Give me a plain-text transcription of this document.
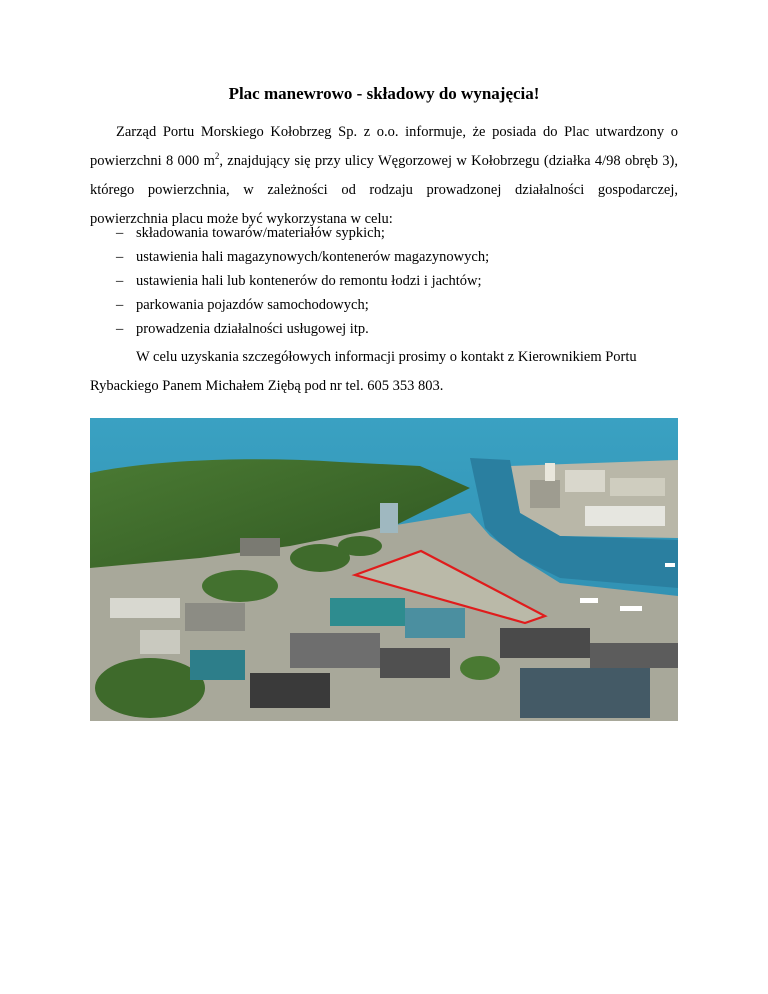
Plac manewrowo - składowy do wynajęcia!

Zarząd Portu Morskiego Kołobrzeg Sp. z o.o. informuje, że posiada do Plac utwardzony o powierzchni 8 000 $m^2$, znajdujący się przy ulicy Węgorzowej w Kołobrzegu (działka 4/98 obręb 3), którego powierzchnia, w zależności od rodzaju prowadzonej działalności gospodarczej, powierzchnia placu może być wykorzystana w celu:

– składowania towarów/materiałów sypkich;
– ustawienia hali magazynowych/kontenerów magazynowych;
– ustawienia hali lub kontenerów do remontu łodzi i jachtów;
– parkowania pojazdów samochodowych;
– prowadzenia działalności usługowej itp.

W celu uzyskania szczegółowych informacji prosimy o kontakt z Kierownikiem Portu
Rybackiego Panem Michałem Ziębą pod nr tel. 605 353 803.
